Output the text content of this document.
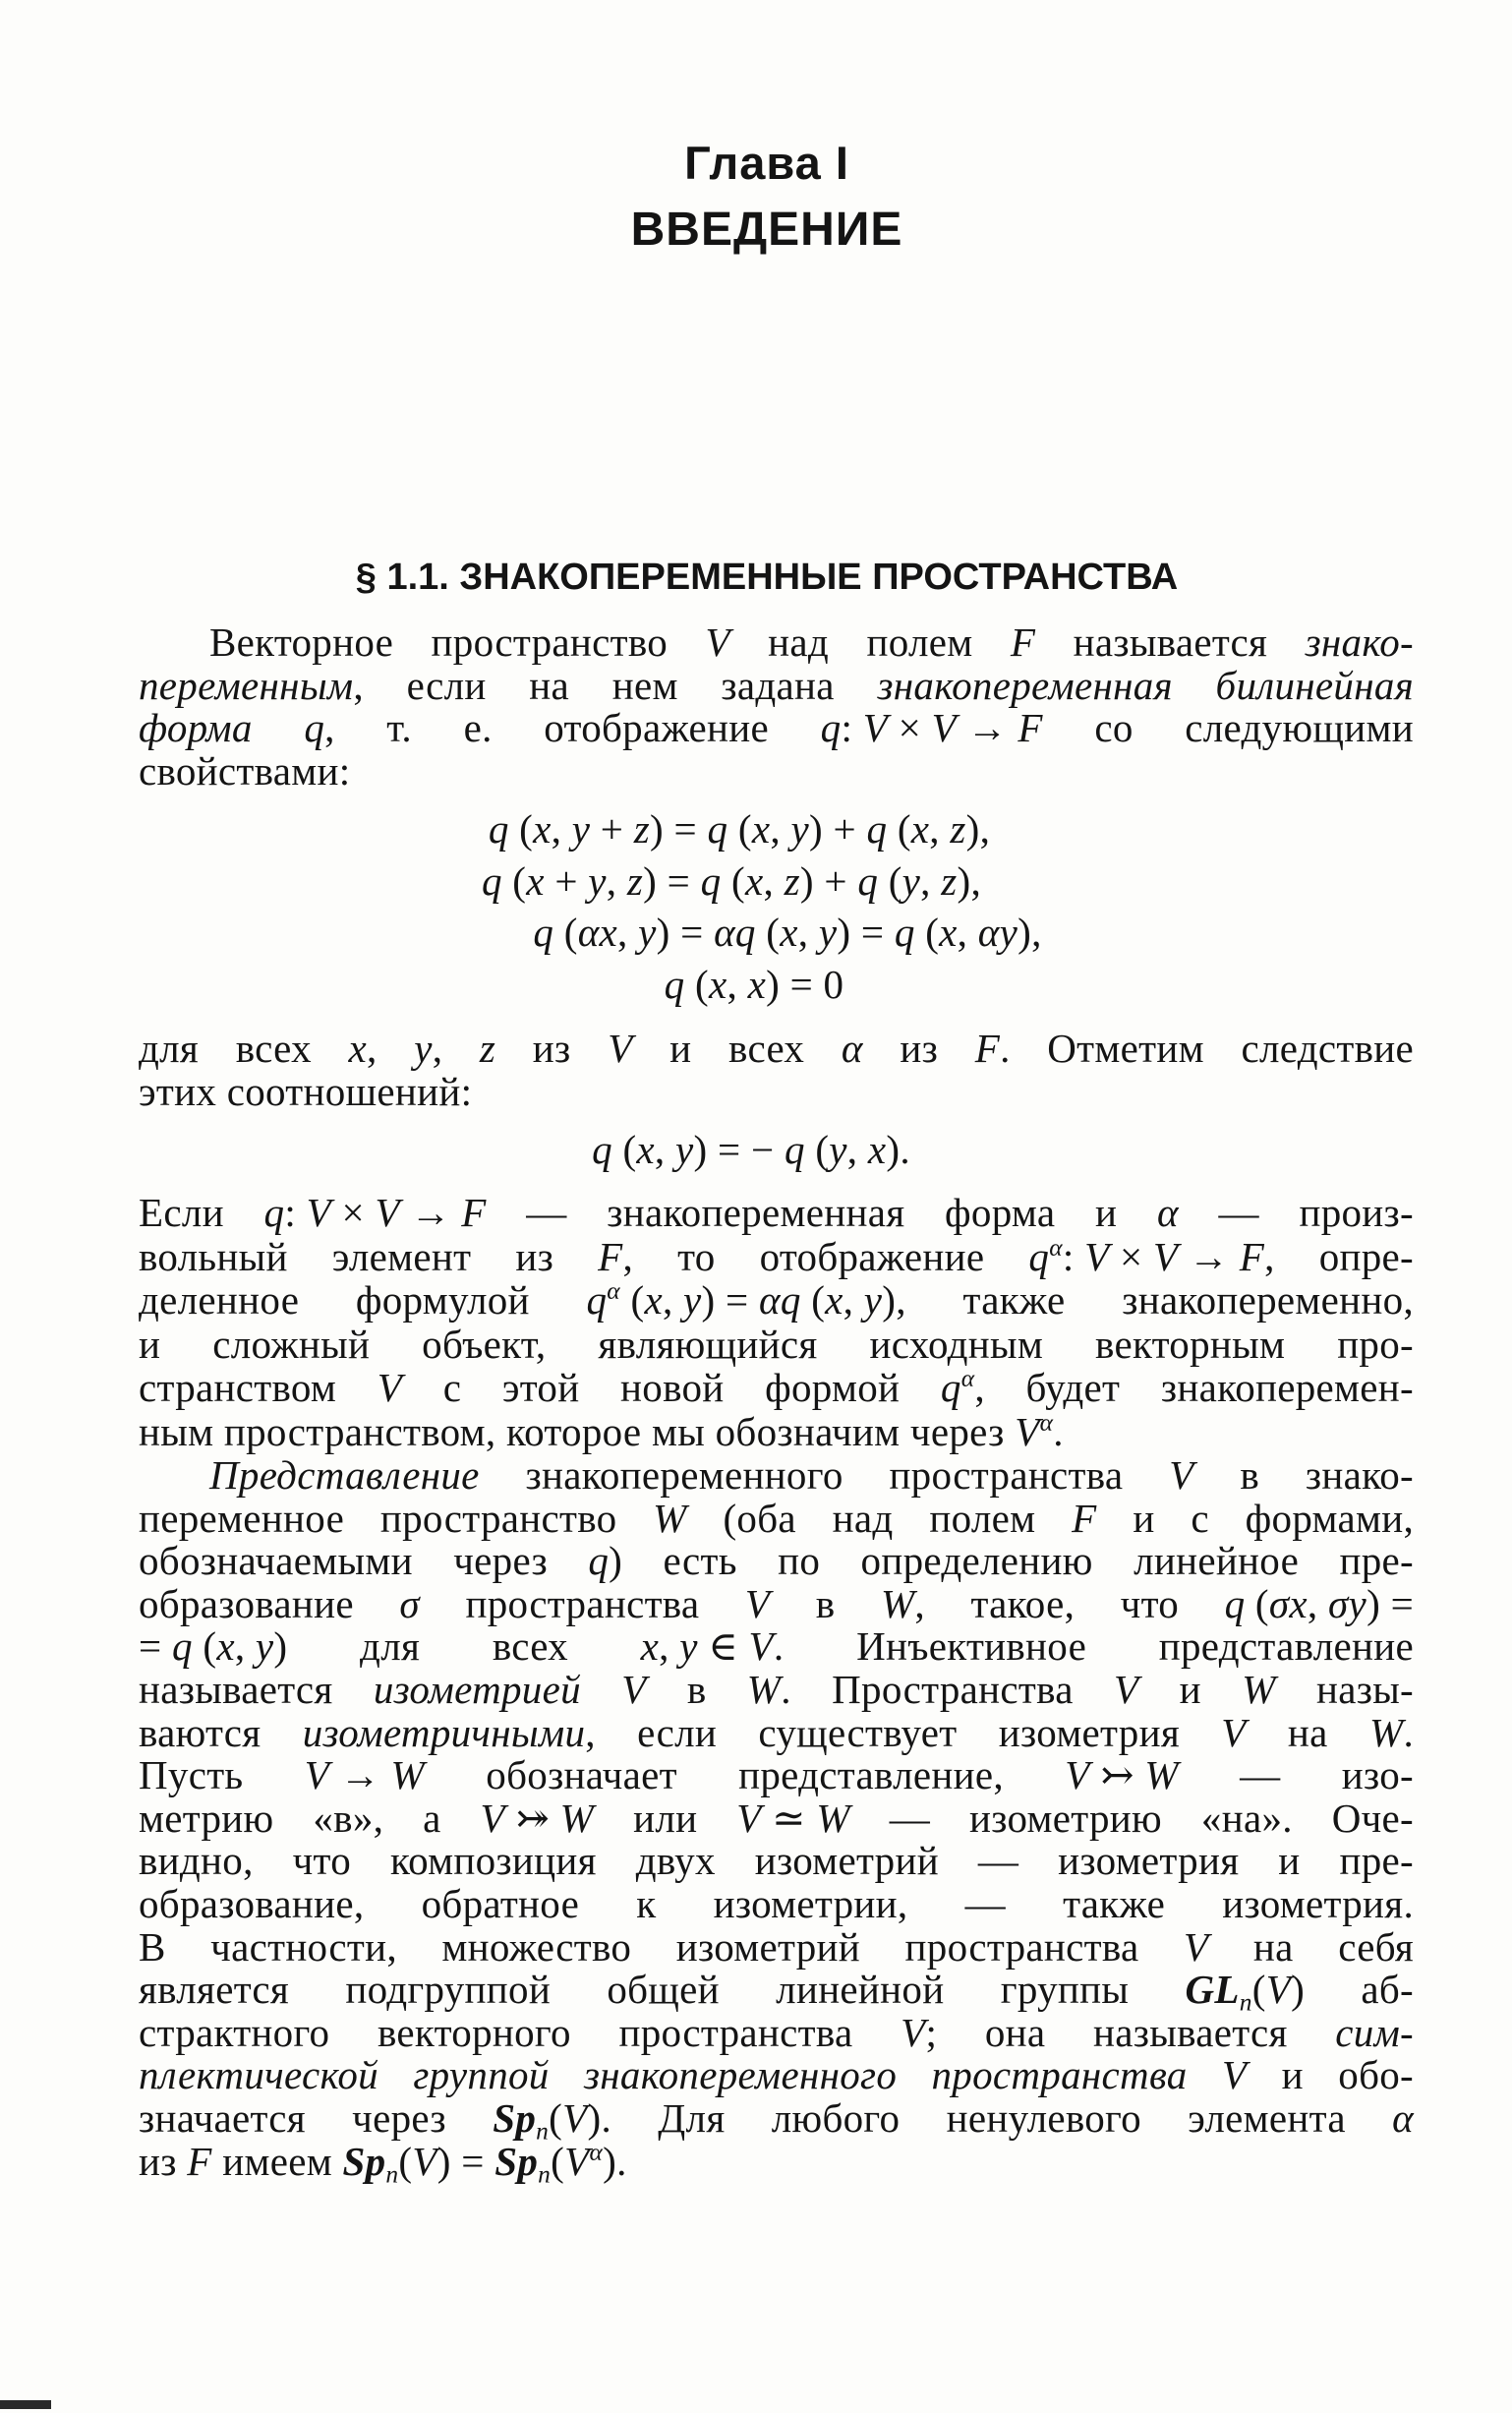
Глава I
ВВЕДЕНИЕ
§ 1.1. ЗНАКОПЕРЕМЕННЫЕ ПРОСТРАНСТВА
Векторное пространство V над полем F называется знако-
переменным, если на нем задана знакопеременная билинейная
форма q, т. е. отображение q: V × V → F со следующими
свойствами:
q (x, y + z) = q (x, y) + q (x, z),
q (x + y, z) = q (x, z) + q (y, z),
q (αx, y) = αq (x, y) = q (x, αy),
q (x, x) = 0
для всех x, y, z из V и всех α из F. Отметим следствие
этих соотношений:
q (x, y) = − q (y, x).
Если q: V × V → F — знакопеременная форма и α — произ-
вольный элемент из F, то отображение $q^\alpha$: V × V → F, опре-
деленное формулой $q^\alpha$ (x, y) = αq (x, y), также знакопеременно,
и сложный объект, являющийся исходным векторным про-
странством V с этой новой формой $q^\alpha$, будет знакоперемен-
ным пространством, которое мы обозначим через $V^\alpha$.
Представление знакопеременного пространства V в знако-
переменное пространство W (оба над полем F и с формами,
обозначаемыми через q) есть по определению линейное пре-
образование σ пространства V в W, такое, что q (σx, σy) =
= q (x, y) для всех x, y ∈ V. Инъективное представление
называется изометрией V в W. Пространства V и W назы-
ваются изометричными, если существует изометрия V на W.
Пусть V → W обозначает представление, V ↣ W — изо-
метрию «в», а V ⤖ W или V ≃ W — изометрию «на». Оче-
видно, что композиция двух изометрий — изометрия и пре-
образование, обратное к изометрии, — также изометрия.
В частности, множество изометрий пространства V на себя
является подгруппой общей линейной группы $GL_n(V)$ аб-
страктного векторного пространства V; она называется сим-
плектической группой знакопеременного пространства V и обо-
значается через $Sp_n(V)$. Для любого ненулевого элемента α
из F имеем $Sp_n(V) = Sp_n(V^\alpha)$.
